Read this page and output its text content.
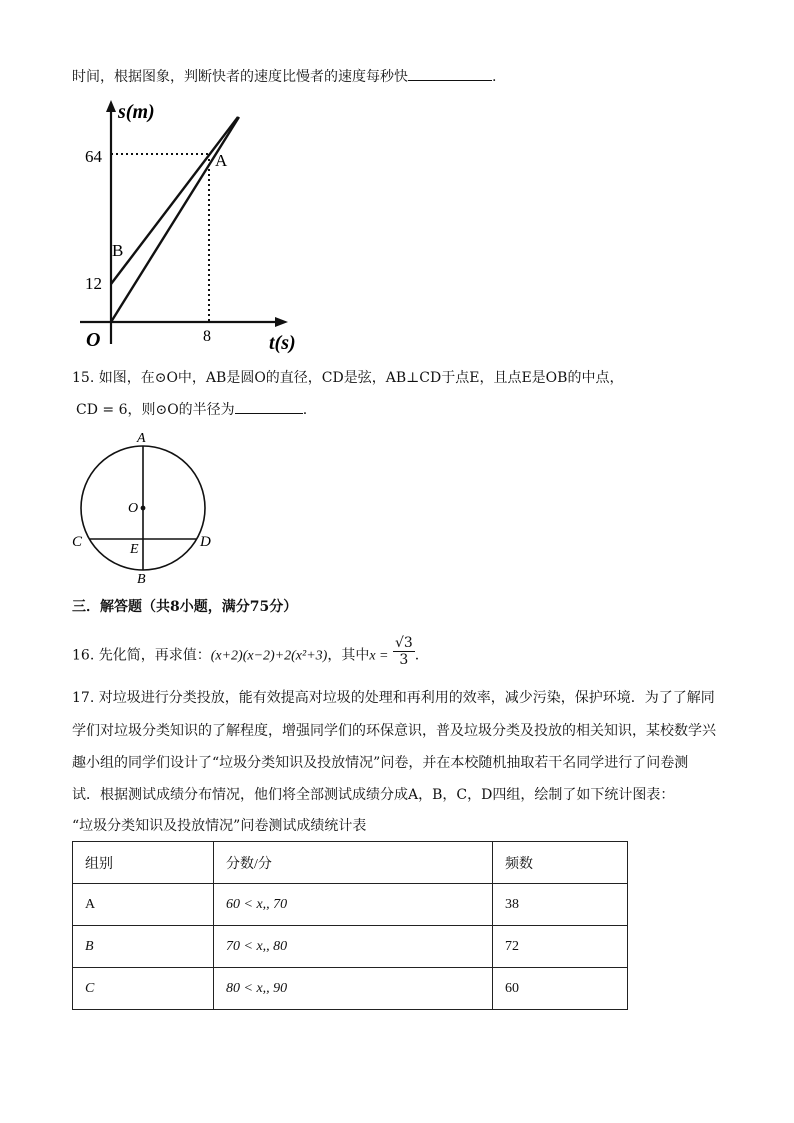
时间，根据图象，判断快者的速度比慢者的速度每秒快	.
s(m)
t(s)
O
64
12
8
A
B
15. 如图，在⊙O中，AB是圆O的直径，CD是弦，AB⊥CD于点E，且点E是OB的中点，
CD = 6，则⊙O的半径为	.
A
B
C	D
E
O
三．解答题（共8小题，满分75分）
16. 先化简，再求值：(x+2)(x−2)+2(x²+3)，其中$x = \frac{√3}{3}$ .
17. 对垃圾进行分类投放，能有效提高对垃圾的处理和再利用的效率，减少污染，保护环境．为了了解同
学们对垃圾分类知识的了解程度，增强同学们的环保意识，普及垃圾分类及投放的相关知识，某校数学兴
趣小组的同学们设计了“垃圾分类知识及投放情况”问卷，并在本校随机抽取若干名同学进行了问卷测
试．根据测试成绩分布情况，他们将全部测试成绩分成A，B，C，D四组，绘制了如下统计图表：
“垃圾分类知识及投放情况”问卷测试成绩统计表
组别	分数/分	频数
A	60 < x,, 70	38
B	70 < x,, 80	72
C	80 < x,, 90	60
